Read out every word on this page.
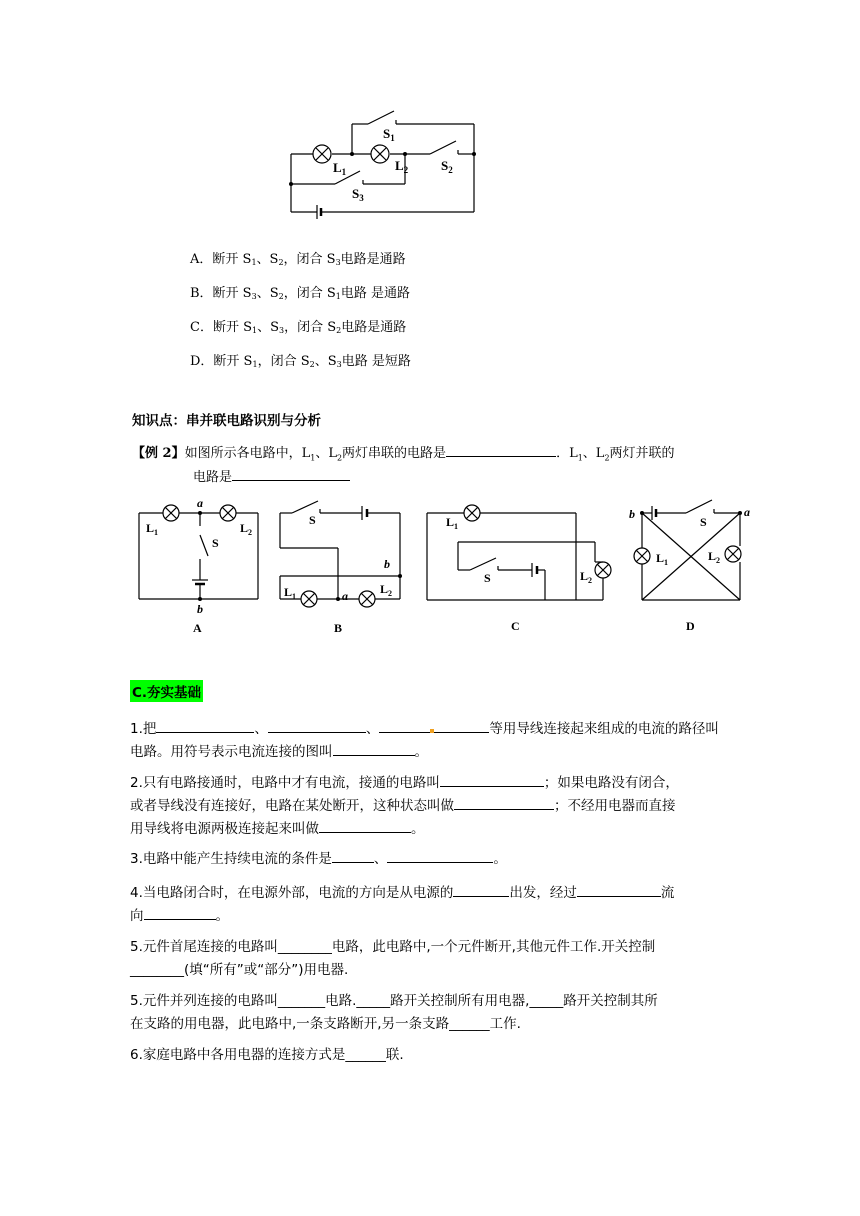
$S_1$
$L_1$	$L_2$	$S_2$
$S_3$
A．断开 $S_1$、$S_2$，闭合 $S_3$电路是通路
B．断开 $S_3$、$S_2$，闭合 $S_1$电路 是通路
C．断开 $S_1$、$S_3$，闭合 $S_2$电路是通路
D．断开 $S_1$，闭合 $S_2$、$S_3$电路 是短路
知识点：串并联电路识别与分析
【例 2】如图所示各电路中，$L_1$、$L_2$两灯串联的电路是	．$L_1$、$L_2$两灯并联的
电路是
$L_1$	$L_2$
S
a
b
A
S
$L_1$
$L_2$
a
b
B
$L_1$
S	$L_2$
C
b	a
S
$L_1$	$L_2$
D
C.夯实基础
1.把	、	、	等用导线连接起来组成的电流的路径叫
电路。用符号表示电流连接的图叫	。
2.只有电路接通时，电路中才有电流，接通的电路叫	；如果电路没有闭合，
或者导线没有连接好，电路在某处断开，这种状态叫做	；不经用电器而直接
用导线将电源两极连接起来叫做	。
3.电路中能产生持续电流的条件是	、	。
4.当电路闭合时，在电源外部，电流的方向是从电源的	出发，经过	流
向	。
5.元件首尾连接的电路叫________电路，此电路中,一个元件断开,其他元件工作.开关控制
________(填“所有”或“部分”)用电器.
5.元件并列连接的电路叫_______电路._____路开关控制所有用电器,_____路开关控制其所
在支路的用电器，此电路中,一条支路断开,另一条支路______工作.
6.家庭电路中各用电器的连接方式是______联.
